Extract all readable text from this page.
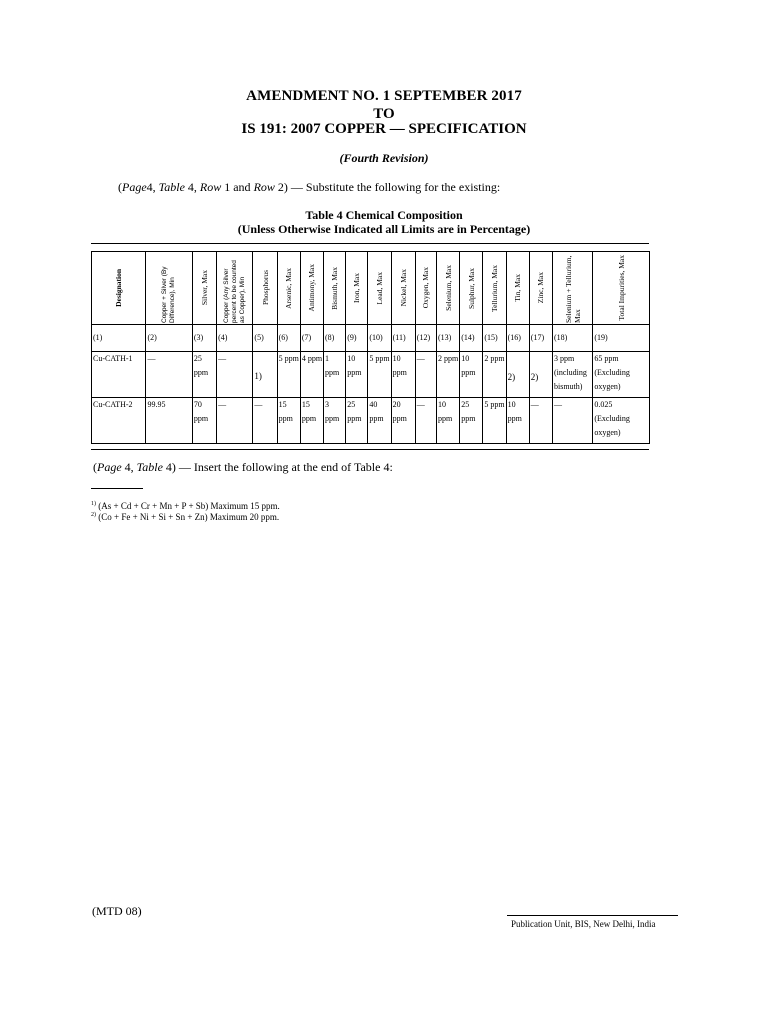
AMENDMENT NO. 1 SEPTEMBER 2017
TO
IS 191: 2007 COPPER — SPECIFICATION
(Fourth Revision)
(Page4, Table 4, Row 1 and Row 2) — Substitute the following for the existing:
Table 4 Chemical Composition
(Unless Otherwise Indicated all Limits are in Percentage)
Designation	Copper + Silver (By Difference), Min	Silver, Max	Copper (Any Silver percent to be counted as Copper), Min	Phosphorus	Arsenic, Max	Antimony, Max	Bismuth, Max	Iron, Max	Lead, Max	Nickel, Max	Oxygen, Max	Selenium, Max	Sulphur, Max	Tellurium, Max	Tin, Max	Zinc, Max	Selenium + Tellurium, Max	Total Impurities, Max

(1)	(2)	(3)	(4)	(5)	(6)	(7)	(8)	(9)	(10)	(11)	(12)	(13)	(14)	(15)	(16)	(17)	(18)	(19)
Cu-CATH-1	—	25 ppm	—	1)	5 ppm	4 ppm	1 ppm	10 ppm	5 ppm	10 ppm	—	2 ppm	10 ppm	2 ppm	2)	2)	3 ppm (including bismuth)	65 ppm (Excluding oxygen)
Cu-CATH-2	99.95	70 ppm	—	—	15 ppm	15 ppm	3 ppm	25 ppm	40 ppm	20 ppm	—	10 ppm	25 ppm	5 ppm	10 ppm	—	—	0.025 (Excluding oxygen)
(Page 4, Table 4) — Insert the following at the end of Table 4:
$^{1)}$ (As + Cd + Cr + Mn + P + Sb) Maximum 15 ppm.
$^{2)}$ (Co + Fe + Ni + Si + Sn + Zn) Maximum 20 ppm.
(MTD 08)
Publication Unit, BIS, New Delhi, India
